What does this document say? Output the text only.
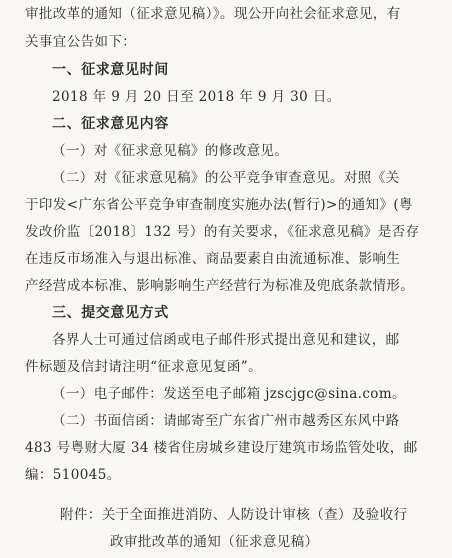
审批改革的通知（征求意见稿）》。现公开向社会征求意见，有
关事宜公告如下：
一、征求意见时间
2018 年 9 月 20 日至 2018 年 9 月 30 日。
二、征求意见内容
（一）对《征求意见稿》的修改意见。
（二）对《征求意见稿》的公平竞争审查意见。对照《关
于印发<广东省公平竞争审查制度实施办法(暂行)>的通知》(粤
发改价监〔2018〕132 号）的有关要求，《征求意见稿》是否存
在违反市场准入与退出标准、商品要素自由流通标准、影响生
产经营成本标准、影响影响生产经营行为标准及兜底条款情形。
三、提交意见方式
各界人士可通过信函或电子邮件形式提出意见和建议，邮
件标题及信封请注明“征求意见复函”。
（一）电子邮件：发送至电子邮箱 jzscjgc@sina.com。
（二）书面信函：请邮寄至广东省广州市越秀区东风中路
483 号粤财大厦 34 楼省住房城乡建设厅建筑市场监管处收，邮
编：510045。
附件：关于全面推进消防、人防设计审核（查）及验收行
政审批改革的通知（征求意见稿）
